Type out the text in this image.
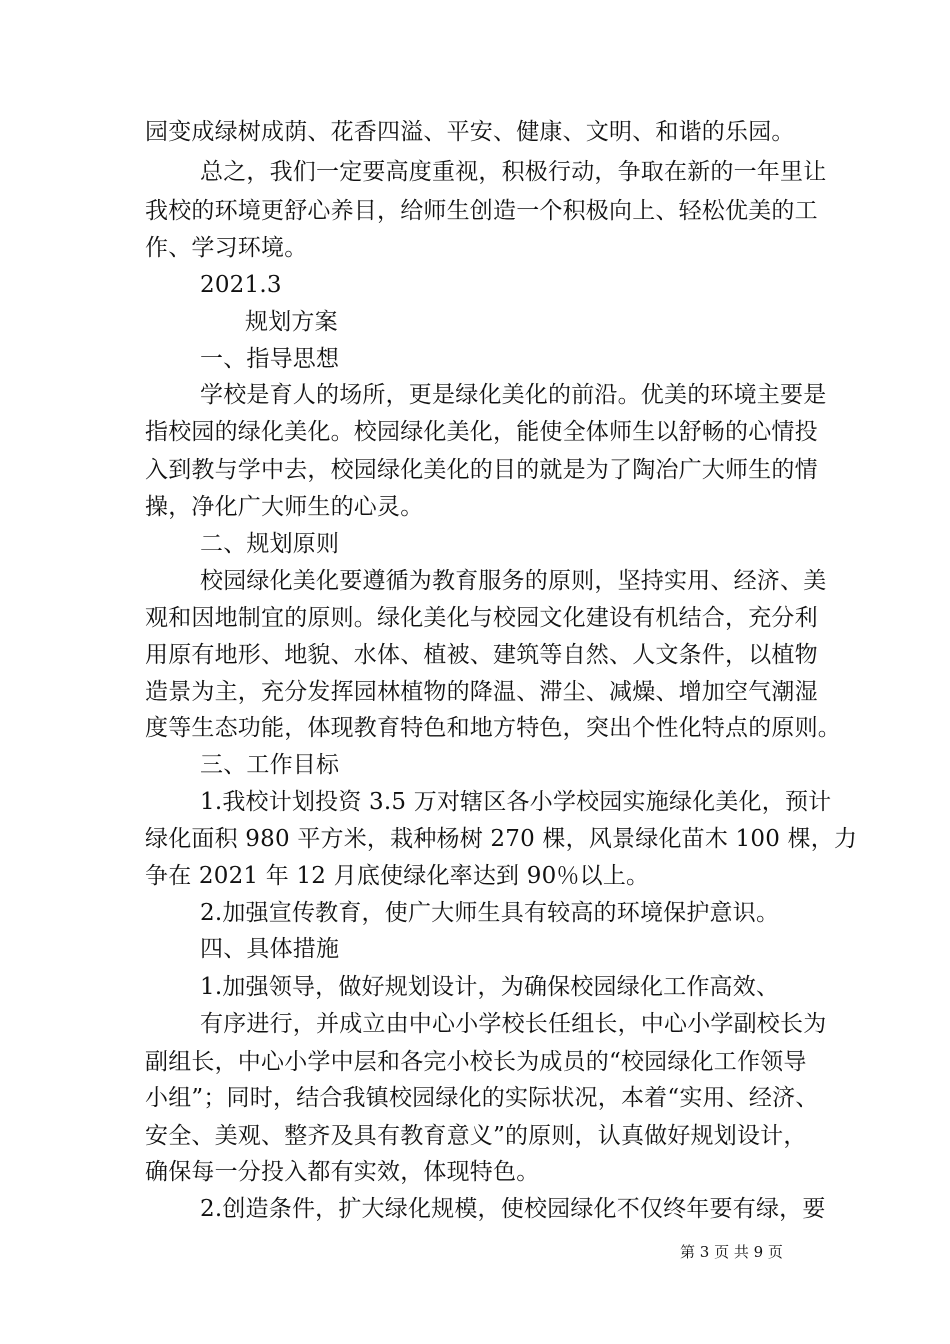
园变成绿树成荫、花香四溢、平安、健康、文明、和谐的乐园。
总之，我们一定要高度重视，积极行动，争取在新的一年里让
我校的环境更舒心养目，给师生创造一个积极向上、轻松优美的工
作、学习环境。
2021.3
规划方案
一、指导思想
学校是育人的场所，更是绿化美化的前沿。优美的环境主要是
指校园的绿化美化。校园绿化美化，能使全体师生以舒畅的心情投
入到教与学中去，校园绿化美化的目的就是为了陶冶广大师生的情
操，净化广大师生的心灵。
二、规划原则
校园绿化美化要遵循为教育服务的原则，坚持实用、经济、美
观和因地制宜的原则。绿化美化与校园文化建设有机结合，充分利
用原有地形、地貌、水体、植被、建筑等自然、人文条件，以植物
造景为主，充分发挥园林植物的降温、滞尘、减燥、增加空气潮湿
度等生态功能，体现教育特色和地方特色，突出个性化特点的原则。
三、工作目标
1.我校计划投资 3.5 万对辖区各小学校园实施绿化美化，预计
绿化面积 980 平方米，栽种杨树 270 棵，风景绿化苗木 100 棵，力
争在 2021 年 12 月底使绿化率达到 90％以上。
2.加强宣传教育，使广大师生具有较高的环境保护意识。
四、具体措施
1.加强领导，做好规划设计，为确保校园绿化工作高效、
有序进行，并成立由中心小学校长任组长，中心小学副校长为
副组长，中心小学中层和各完小校长为成员的“校园绿化工作领导
小组”；同时，结合我镇校园绿化的实际状况，本着“实用、经济、
安全、美观、整齐及具有教育意义”的原则，认真做好规划设计，
确保每一分投入都有实效，体现特色。
2.创造条件，扩大绿化规模，使校园绿化不仅终年要有绿，要
第 3 页 共 9 页
